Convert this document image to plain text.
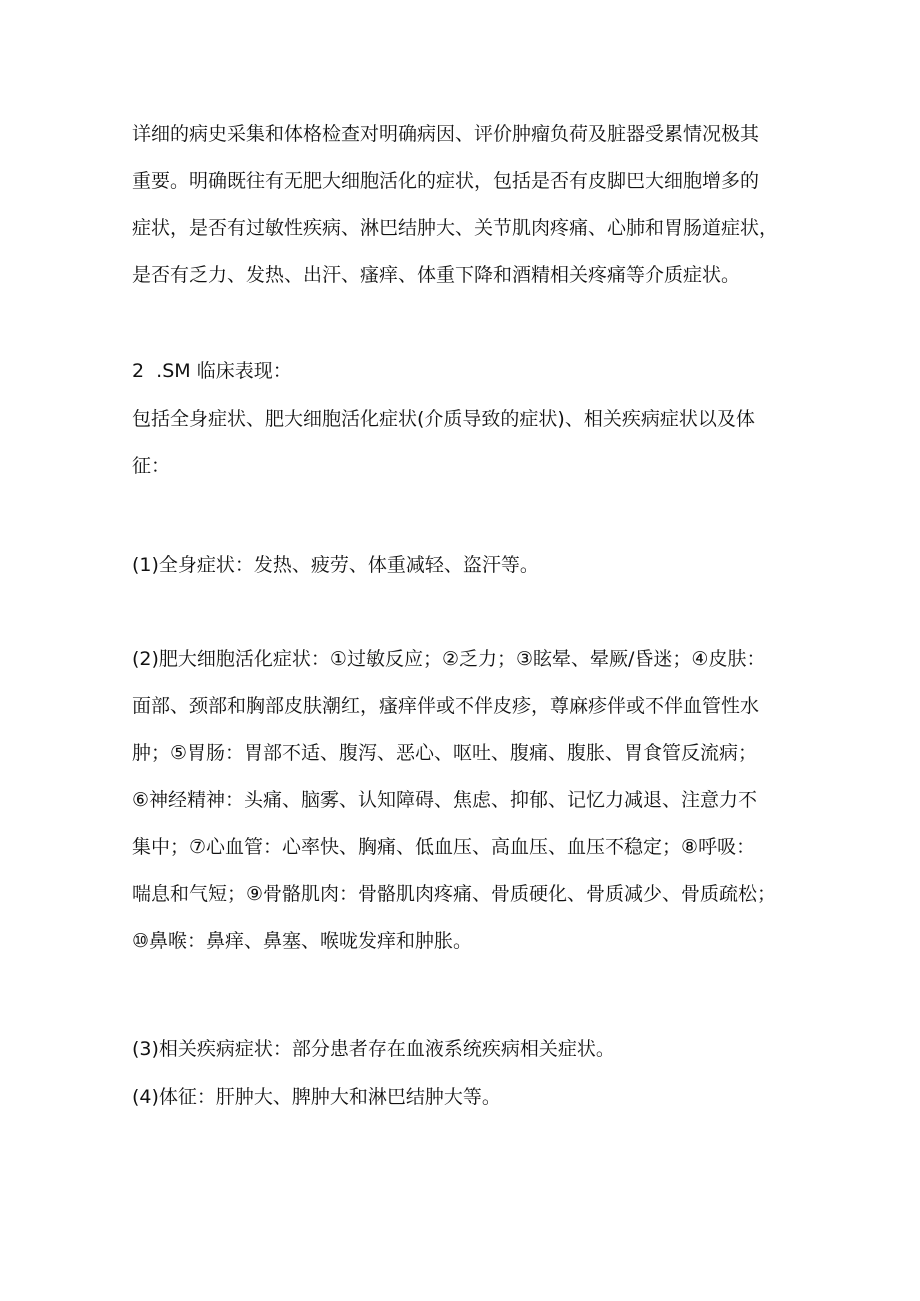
详细的病史采集和体格检查对明确病因、评价肿瘤负荷及脏器受累情况极其
重要。明确既往有无肥大细胞活化的症状，包括是否有皮脚巴大细胞增多的
症状，是否有过敏性疾病、淋巴结肿大、关节肌肉疼痛、心肺和胃肠道症状，
是否有乏力、发热、出汗、瘙痒、体重下降和酒精相关疼痛等介质症状。

2  .SM 临床表现：

包括全身症状、肥大细胞活化症状(介质导致的症状)、相关疾病症状以及体
征：

(1)全身症状：发热、疲劳、体重减轻、盗汗等。

(2)肥大细胞活化症状：①过敏反应；②乏力；③眩晕、晕厥/昏迷；④皮肤：
面部、颈部和胸部皮肤潮红，瘙痒伴或不伴皮疹，尊麻疹伴或不伴血管性水
肿；⑤胃肠：胃部不适、腹泻、恶心、呕吐、腹痛、腹胀、胃食管反流病；
⑥神经精神：头痛、脑雾、认知障碍、焦虑、抑郁、记忆力减退、注意力不
集中；⑦心血管：心率快、胸痛、低血压、高血压、血压不稳定；⑧呼吸：
喘息和气短；⑨骨骼肌肉：骨骼肌肉疼痛、骨质硬化、骨质减少、骨质疏松；
⑩鼻喉：鼻痒、鼻塞、喉咙发痒和肿胀。

(3)相关疾病症状：部分患者存在血液系统疾病相关症状。

(4)体征：肝肿大、脾肿大和淋巴结肿大等。
